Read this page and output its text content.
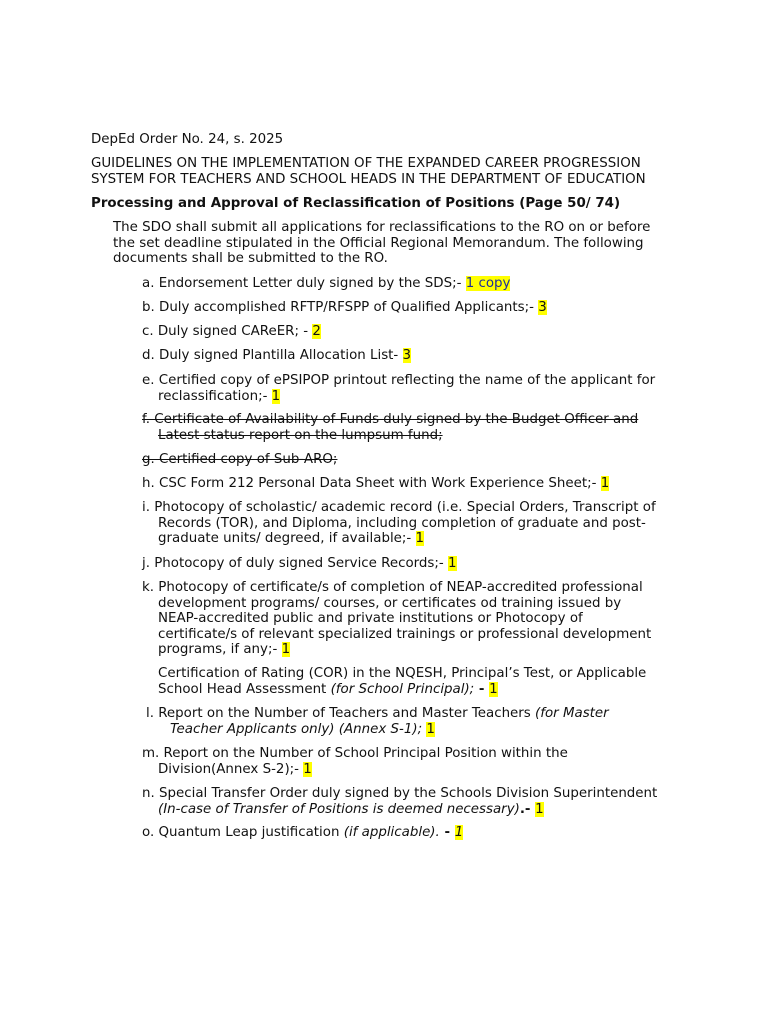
DepEd Order No. 24, s. 2025
GUIDELINES ON THE IMPLEMENTATION OF THE EXPANDED CAREER PROGRESSION
SYSTEM FOR TEACHERS AND SCHOOL HEADS IN THE DEPARTMENT OF EDUCATION
Processing and Approval of Reclassification of Positions (Page 50/ 74)
The SDO shall submit all applications for reclassifications to the RO on or before
the set deadline stipulated in the Official Regional Memorandum. The following
documents shall be submitted to the RO.
a. Endorsement Letter duly signed by the SDS;- 1 copy
b. Duly accomplished RFTP/RFSPP of Qualified Applicants;- 3
c. Duly signed CAReER; - 2
d. Duly signed Plantilla Allocation List- 3
e. Certified copy of ePSIPOP printout reflecting the name of the applicant for
reclassification;- 1
f. Certificate of Availability of Funds duly signed by the Budget Officer and
Latest status report on the lumpsum fund;
g. Certified copy of Sub-ARO;
h. CSC Form 212 Personal Data Sheet with Work Experience Sheet;- 1
i. Photocopy of scholastic/ academic record (i.e. Special Orders, Transcript of
Records (TOR), and Diploma, including completion of graduate and post-
graduate units/ degreed, if available;- 1
j. Photocopy of duly signed Service Records;- 1
k. Photocopy of certificate/s of completion of NEAP-accredited professional
development programs/ courses, or certificates od training issued by
NEAP-accredited public and private institutions or Photocopy of
certificate/s of relevant specialized trainings or professional development
programs, if any;- 1
Certification of Rating (COR) in the NQESH, Principal’s Test, or Applicable
School Head Assessment (for School Principal); - 1
l. Report on the Number of Teachers and Master Teachers (for Master
Teacher Applicants only) (Annex S-1); 1
m. Report on the Number of School Principal Position within the
Division(Annex S-2);- 1
n. Special Transfer Order duly signed by the Schools Division Superintendent
(In-case of Transfer of Positions is deemed necessary).- 1
o. Quantum Leap justification (if applicable). - 1
